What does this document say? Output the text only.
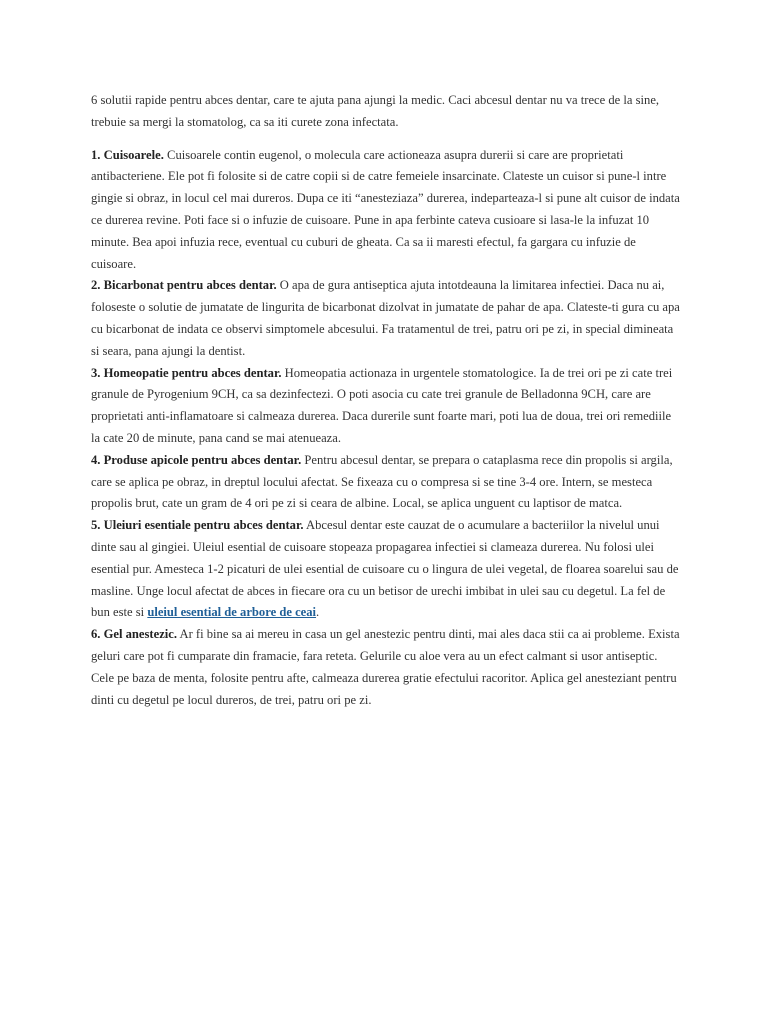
6 solutii rapide pentru abces dentar, care te ajuta pana ajungi la medic. Caci abcesul dentar nu va trece de la sine, trebuie sa mergi la stomatolog, ca sa iti curete zona infectata.

1. Cuisoarele. Cuisoarele contin eugenol, o molecula care actioneaza asupra durerii si care are proprietati antibacteriene. Ele pot fi folosite si de catre copii si de catre femeiele insarcinate. Clateste un cuisor si pune-l intre gingie si obraz, in locul cel mai dureros. Dupa ce iti “anesteziaza” durerea, indeparteaza-l si pune alt cuisor de indata ce durerea revine. Poti face si o infuzie de cuisoare. Pune in apa ferbinte cateva cusioare si lasa-le la infuzat 10 minute. Bea apoi infuzia rece, eventual cu cuburi de gheata. Ca sa ii maresti efectul, fa gargara cu infuzie de cuisoare.

2. Bicarbonat pentru abces dentar. O apa de gura antiseptica ajuta intotdeauna la limitarea infectiei. Daca nu ai, foloseste o solutie de jumatate de lingurita de bicarbonat dizolvat in jumatate de pahar de apa. Clateste-ti gura cu apa cu bicarbonat de indata ce observi simptomele abcesului. Fa tratamentul de trei, patru ori pe zi, in special dimineata si seara, pana ajungi la dentist.

3. Homeopatie pentru abces dentar. Homeopatia actionaza in urgentele stomatologice. Ia de trei ori pe zi cate trei granule de Pyrogenium 9CH, ca sa dezinfectezi. O poti asocia cu cate trei granule de Belladonna 9CH, care are proprietati anti-inflamatoare si calmeaza durerea. Daca durerile sunt foarte mari, poti lua de doua, trei ori remediile la cate 20 de minute, pana cand se mai atenueaza.

4. Produse apicole pentru abces dentar. Pentru abcesul dentar, se prepara o cataplasma rece din propolis si argila, care se aplica pe obraz, in dreptul locului afectat. Se fixeaza cu o compresa si se tine 3-4 ore. Intern, se mesteca propolis brut, cate un gram de 4 ori pe zi si ceara de albine. Local, se aplica unguent cu laptisor de matca.

5. Uleiuri esentiale pentru abces dentar. Abcesul dentar este cauzat de o acumulare a bacteriilor la nivelul unui dinte sau al gingiei. Uleiul esential de cuisoare stopeaza propagarea infectiei si clameaza durerea. Nu folosi ulei esential pur. Amesteca 1-2 picaturi de ulei esential de cuisoare cu o lingura de ulei vegetal, de floarea soarelui sau de masline. Unge locul afectat de abces in fiecare ora cu un betisor de urechi imbibat in ulei sau cu degetul. La fel de bun este si uleiul esential de arbore de ceai.

6. Gel anestezic. Ar fi bine sa ai mereu in casa un gel anestezic pentru dinti, mai ales daca stii ca ai probleme. Exista geluri care pot fi cumparate din framacie, fara reteta. Gelurile cu aloe vera au un efect calmant si usor antiseptic. Cele pe baza de menta, folosite pentru afte, calmeaza durerea gratie efectului racoritor. Aplica gel anesteziant pentru dinti cu degetul pe locul dureros, de trei, patru ori pe zi.
